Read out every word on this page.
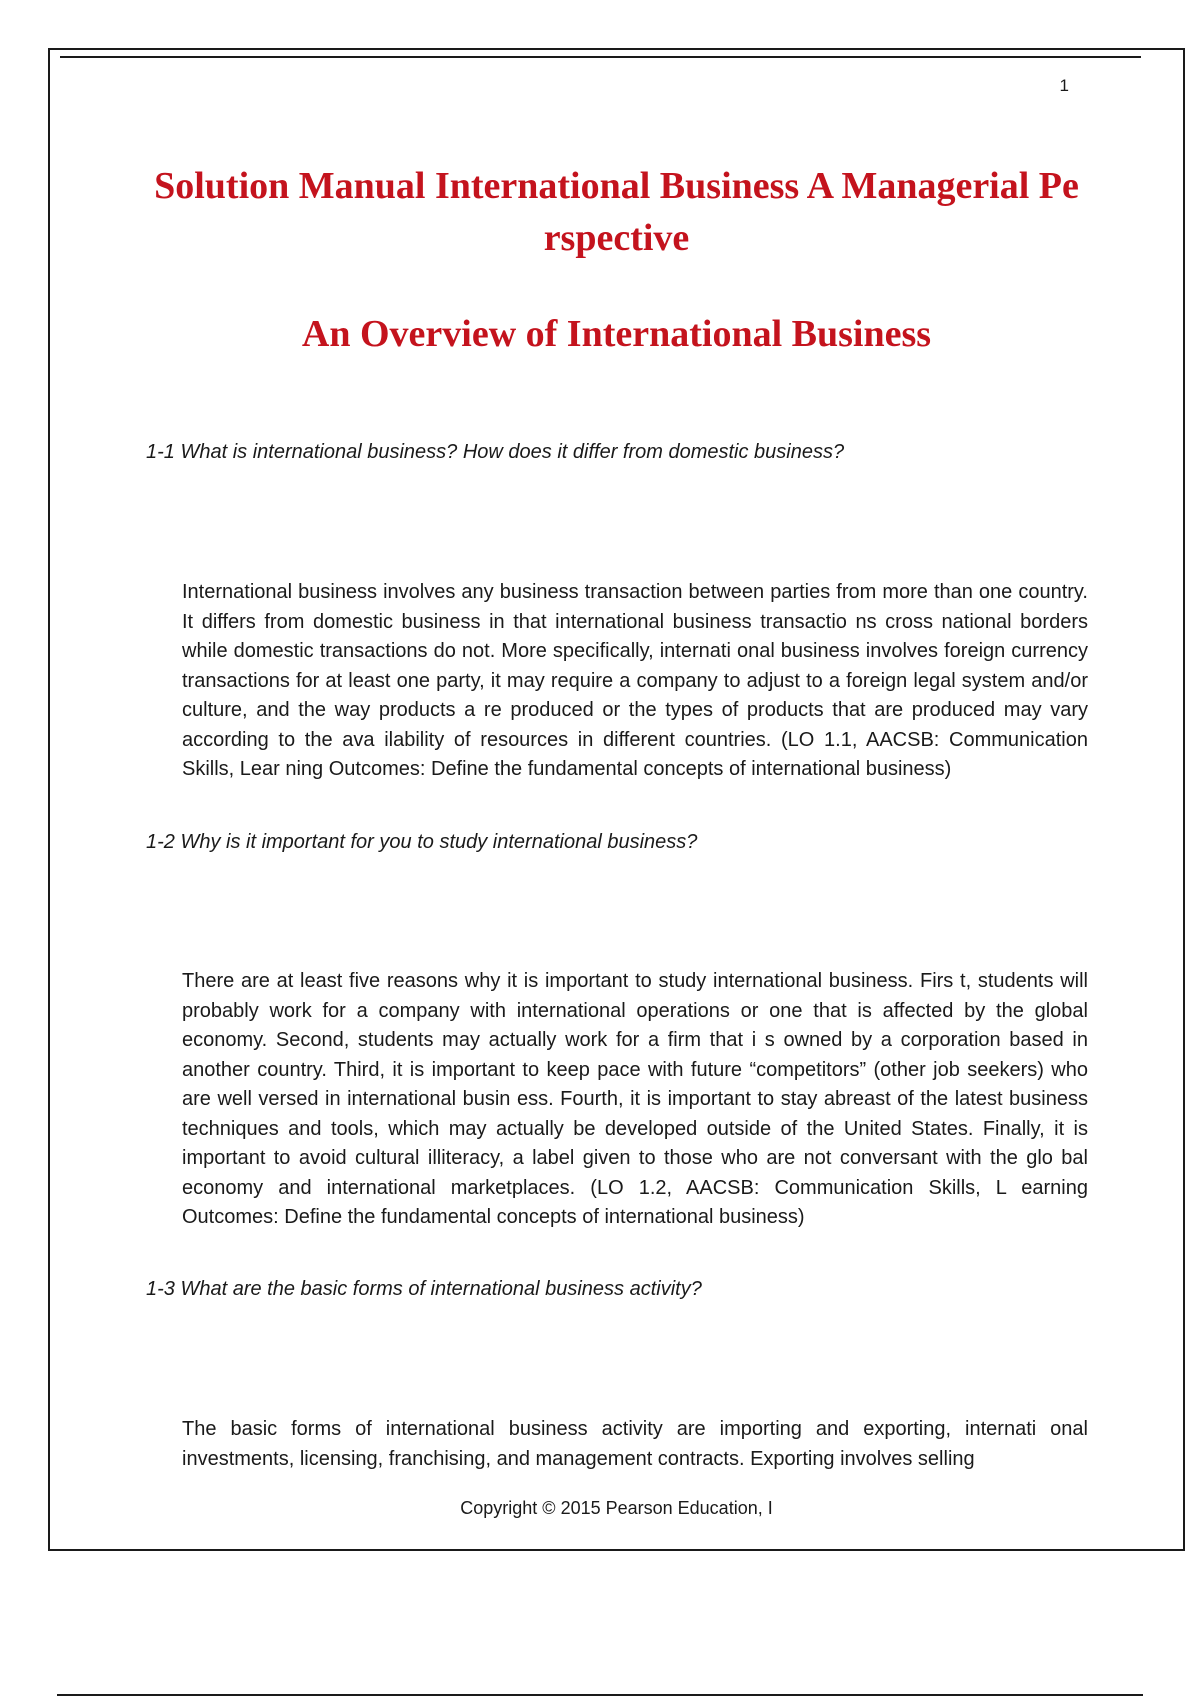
1
Solution Manual International Business A Managerial Pe rspective
An Overview of International Business
1-1 What is international business? How does it differ from domestic business?
International business involves any business transaction between parties from more than one country. It differs from domestic business in that international business transactio ns cross national borders while domestic transactions do not. More specifically, internati onal business involves foreign currency transactions for at least one party, it may require a company to adjust to a foreign legal system and/or culture, and the way products a re produced or the types of products that are produced may vary according to the ava ilability of resources in different countries. (LO 1.1, AACSB: Communication Skills, Lear ning Outcomes: Define the fundamental concepts of international business)
1-2 Why is it important for you to study international business?
There are at least five reasons why it is important to study international business. Firs t, students will probably work for a company with international operations or one that is affected by the global economy. Second, students may actually work for a firm that i s owned by a corporation based in another country. Third, it is important to keep pace with future “competitors” (other job seekers) who are well versed in international busin ess. Fourth, it is important to stay abreast of the latest business techniques and tools, which may actually be developed outside of the United States. Finally, it is important to avoid cultural illiteracy, a label given to those who are not conversant with the glo bal economy and international marketplaces. (LO 1.2, AACSB: Communication Skills, L earning Outcomes: Define the fundamental concepts of international business)
1-3 What are the basic forms of international business activity?
The basic forms of international business activity are importing and exporting, internati onal investments, licensing, franchising, and management contracts. Exporting involves selling
Copyright © 2015 Pearson Education, I
